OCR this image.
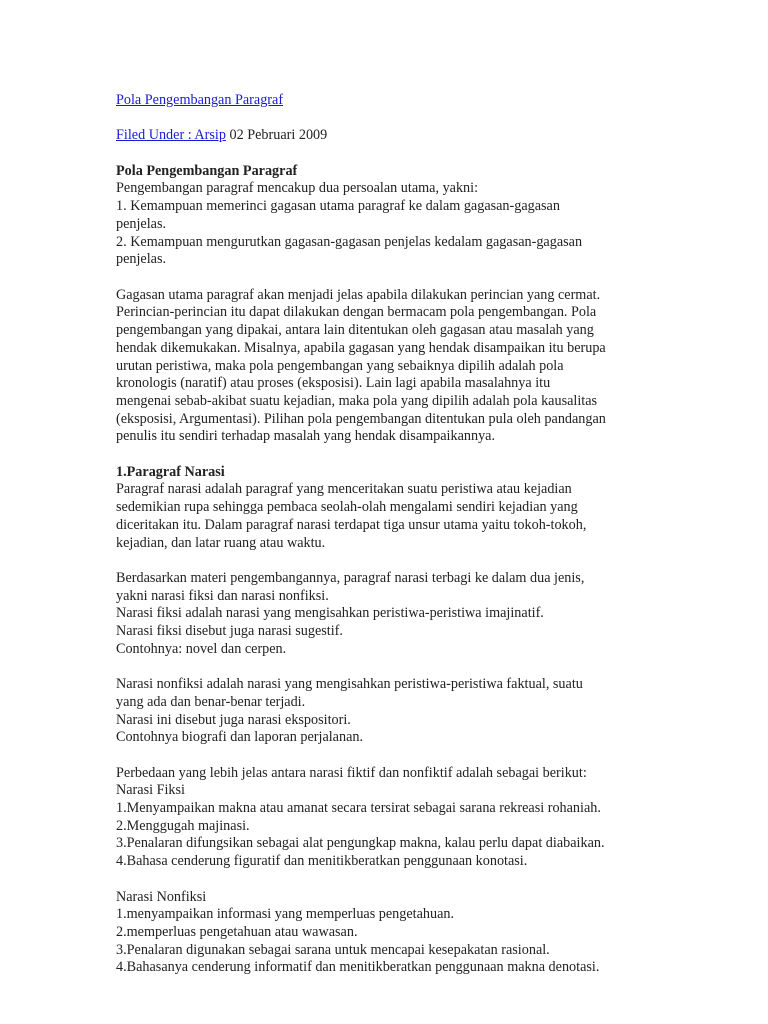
Pola Pengembangan Paragraf
Filed Under : Arsip 02 Pebruari 2009

Pola Pengembangan Paragraf

Pengembangan paragraf mencakup dua persoalan utama, yakni:

1. Kemampuan memerinci gagasan utama paragraf ke dalam gagasan-gagasan

penjelas.

2. Kemampuan mengurutkan gagasan-gagasan penjelas kedalam gagasan-gagasan

penjelas.

Gagasan utama paragraf akan menjadi jelas apabila dilakukan perincian yang cermat.

Perincian-perincian itu dapat dilakukan dengan bermacam pola pengembangan. Pola

pengembangan yang dipakai, antara lain ditentukan oleh gagasan atau masalah yang

hendak dikemukakan. Misalnya, apabila gagasan yang hendak disampaikan itu berupa

urutan peristiwa, maka pola pengembangan yang sebaiknya dipilih adalah pola

kronologis (naratif) atau proses (eksposisi). Lain lagi apabila masalahnya itu

mengenai sebab-akibat suatu kejadian, maka pola yang dipilih adalah pola kausalitas

(eksposisi, Argumentasi). Pilihan pola pengembangan ditentukan pula oleh pandangan

penulis itu sendiri terhadap masalah yang hendak disampaikannya.

1.Paragraf Narasi

Paragraf narasi adalah paragraf yang menceritakan suatu peristiwa atau kejadian

sedemikian rupa sehingga pembaca seolah-olah mengalami sendiri kejadian yang

diceritakan itu. Dalam paragraf narasi terdapat tiga unsur utama yaitu tokoh-tokoh,

kejadian, dan latar ruang atau waktu.

Berdasarkan materi pengembangannya, paragraf narasi terbagi ke dalam dua jenis,

yakni narasi fiksi dan narasi nonfiksi.

Narasi fiksi adalah narasi yang mengisahkan peristiwa-peristiwa imajinatif.

Narasi fiksi disebut juga narasi sugestif.

Contohnya: novel dan cerpen.

Narasi nonfiksi adalah narasi yang mengisahkan peristiwa-peristiwa faktual, suatu

yang ada dan benar-benar terjadi.

Narasi ini disebut juga narasi ekspositori.

Contohnya biografi dan laporan perjalanan.

Perbedaan yang lebih jelas antara narasi fiktif dan nonfiktif adalah sebagai berikut:

Narasi Fiksi

1.Menyampaikan makna atau amanat secara tersirat sebagai sarana rekreasi rohaniah.

2.Menggugah majinasi.

3.Penalaran difungsikan sebagai alat pengungkap makna, kalau perlu dapat diabaikan.

4.Bahasa cenderung figuratif dan menitikberatkan penggunaan konotasi.

Narasi Nonfiksi

1.menyampaikan informasi yang memperluas pengetahuan.

2.memperluas pengetahuan atau wawasan.

3.Penalaran digunakan sebagai sarana untuk mencapai kesepakatan rasional.

4.Bahasanya cenderung informatif dan menitikberatkan penggunaan makna denotasi.
